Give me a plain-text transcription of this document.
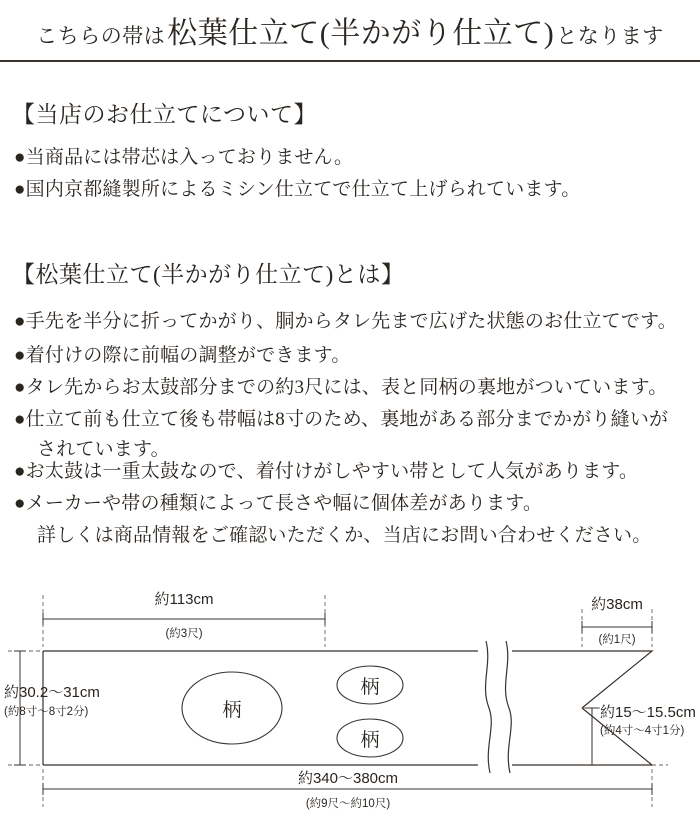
こちらの帯は 松葉仕立て(半かがり仕立て) となります
【当店のお仕立てについて】
●当商品には帯芯は入っておりません。
●国内京都縫製所によるミシン仕立てで仕立て上げられています。
【松葉仕立て(半かがり仕立て)とは】
●手先を半分に折ってかがり、胴からタレ先まで広げた状態のお仕立てです。
●着付けの際に前幅の調整ができます。
●タレ先からお太鼓部分までの約3尺には、表と同柄の裏地がついています。
●仕立て前も仕立て後も帯幅は8寸のため、裏地がある部分までかがり縫いが
されています。
●お太鼓は一重太鼓なので、着付けがしやすい帯として人気があります。
●メーカーや帯の種類によって長さや幅に個体差があります。
詳しくは商品情報をご確認いただくか、当店にお問い合わせください。
柄
柄
柄
約113cm
(約3尺)
約30.2〜31cm
(約8寸〜8寸2分)
約38cm
(約1尺)
約15〜15.5cm
(約4寸〜4寸1分)
約340〜380cm
(約9尺〜約10尺)
